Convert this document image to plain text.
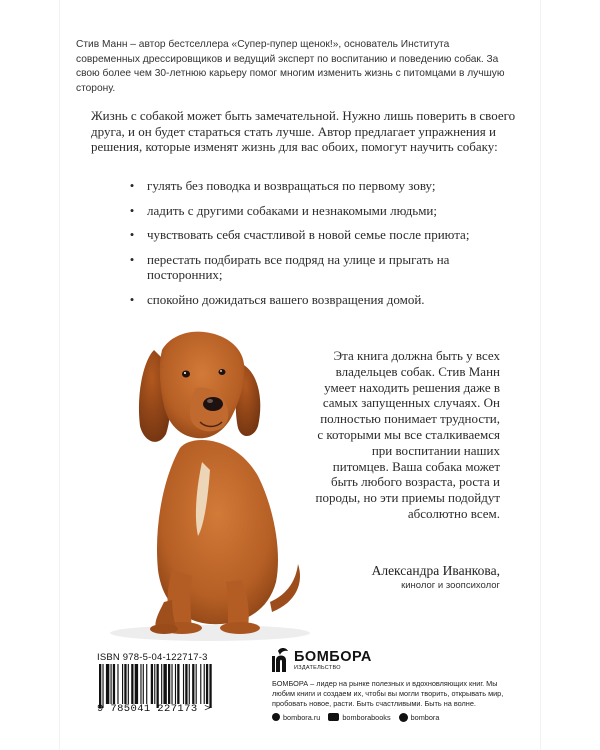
Стив Манн – автор бестселлера «Супер-пупер щенок!», основатель Института современных дрессировщиков и ведущий эксперт по воспитанию и поведению собак. За свою более чем 30-летнюю карьеру помог многим изменить жизнь с питомцами в лучшую сторону.
Жизнь с собакой может быть замечательной. Нужно лишь поверить в своего друга, и он будет стараться стать лучше. Автор предлагает упражнения и решения, которые изменят жизнь для вас обоих, помогут научить собаку:
• гулять без поводка и возвращаться по первому зову;
• ладить с другими собаками и незнакомыми людьми;
• чувствовать себя счастливой в новой семье после приюта;
• перестать подбирать все подряд на улице и прыгать на посторонних;
• спокойно дожидаться вашего возвращения домой.
Эта книга должна быть у всех владельцев собак. Стив Манн умеет находить решения даже в самых запущенных случаях. Он полностью понимает трудности, с которыми мы все сталкиваемся при воспитании наших питомцев. Ваша собака может быть любого возраста, роста и породы, но эти приемы подойдут абсолютно всем.
Александра Иванкова,
кинолог и зоопсихолог
ISBN 978-5-04-122717-3
9 785041 227173 >
БОМБОРА
ИЗДАТЕЛЬСТВО
БОМБОРА – лидер на рынке полезных и вдохновляющих книг. Мы любим книги и создаем их, чтобы вы могли творить, открывать мир, пробовать новое, расти. Быть счастливыми. Быть на волне.
bombora.ru	bomborabooks	bombora
